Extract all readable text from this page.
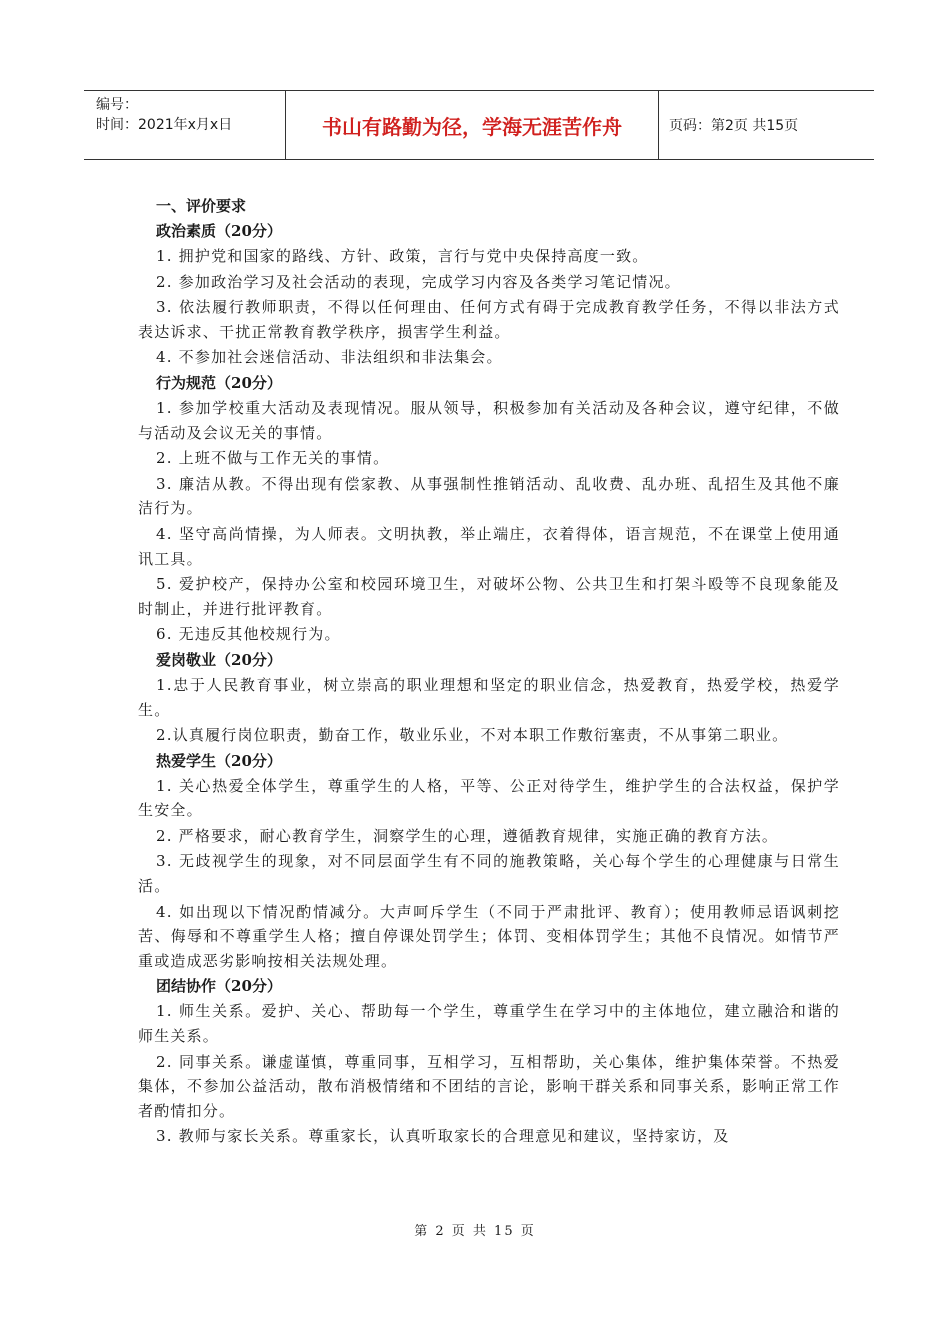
编号：
时间：2021年x月x日	书山有路勤为径，学海无涯苦作舟	页码：第2页 共15页
一、评价要求
政治素质（20分）
1. 拥护党和国家的路线、方针、政策，言行与党中央保持高度一致。
2. 参加政治学习及社会活动的表现，完成学习内容及各类学习笔记情况。
3. 依法履行教师职责，不得以任何理由、任何方式有碍于完成教育教学任务，不得以非法方式表达诉求、干扰正常教育教学秩序，损害学生利益。
4. 不参加社会迷信活动、非法组织和非法集会。
行为规范（20分）
1. 参加学校重大活动及表现情况。服从领导，积极参加有关活动及各种会议，遵守纪律，不做与活动及会议无关的事情。
2. 上班不做与工作无关的事情。
3. 廉洁从教。不得出现有偿家教、从事强制性推销活动、乱收费、乱办班、乱招生及其他不廉洁行为。
4. 坚守高尚情操，为人师表。文明执教，举止端庄，衣着得体，语言规范，不在课堂上使用通讯工具。
5. 爱护校产，保持办公室和校园环境卫生，对破坏公物、公共卫生和打架斗殴等不良现象能及时制止，并进行批评教育。
6. 无违反其他校规行为。
爱岗敬业（20分）
1.忠于人民教育事业，树立崇高的职业理想和坚定的职业信念，热爱教育，热爱学校，热爱学生。
2.认真履行岗位职责，勤奋工作，敬业乐业，不对本职工作敷衍塞责，不从事第二职业。
热爱学生（20分）
1. 关心热爱全体学生，尊重学生的人格，平等、公正对待学生，维护学生的合法权益，保护学生安全。
2. 严格要求，耐心教育学生，洞察学生的心理，遵循教育规律，实施正确的教育方法。
3. 无歧视学生的现象，对不同层面学生有不同的施教策略，关心每个学生的心理健康与日常生活。
4. 如出现以下情况酌情减分。大声呵斥学生（不同于严肃批评、教育）；使用教师忌语讽刺挖苦、侮辱和不尊重学生人格；擅自停课处罚学生；体罚、变相体罚学生；其他不良情况。如情节严重或造成恶劣影响按相关法规处理。
团结协作（20分）
1. 师生关系。爱护、关心、帮助每一个学生，尊重学生在学习中的主体地位，建立融洽和谐的师生关系。
2. 同事关系。谦虚谨慎，尊重同事，互相学习，互相帮助，关心集体，维护集体荣誉。不热爱集体，不参加公益活动，散布消极情绪和不团结的言论，影响干群关系和同事关系，影响正常工作者酌情扣分。
3. 教师与家长关系。尊重家长，认真听取家长的合理意见和建议，坚持家访，及
第 2 页 共 15 页
